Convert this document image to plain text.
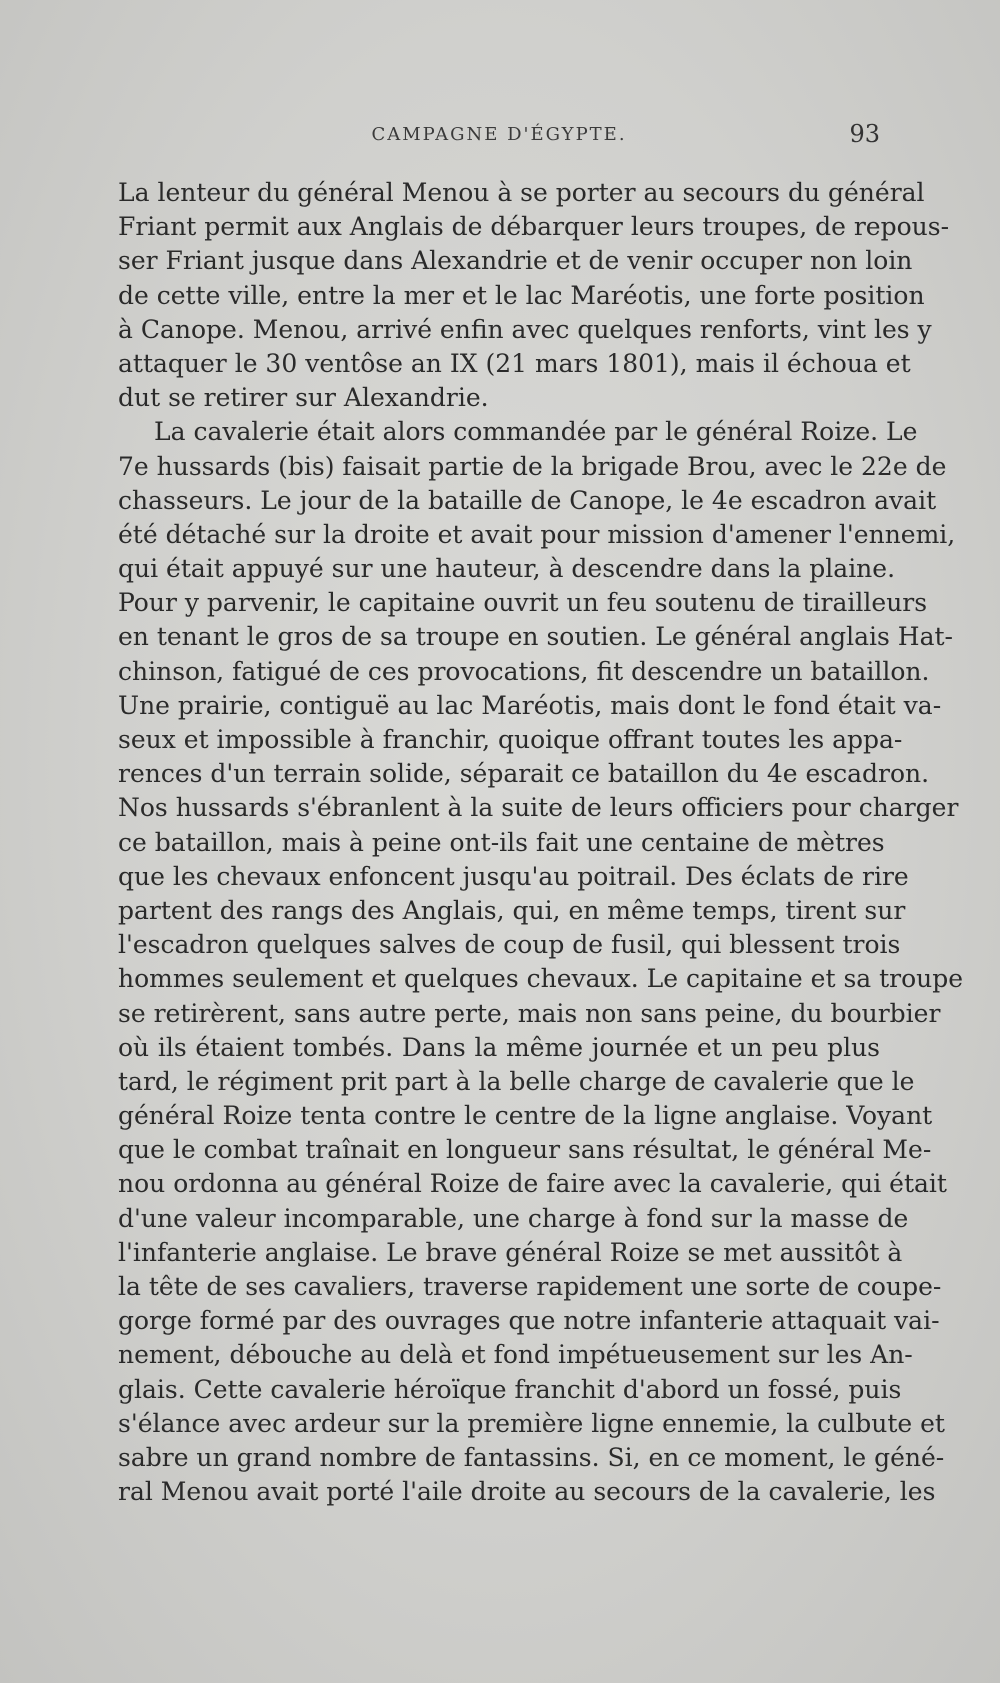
CAMPAGNE D'ÉGYPTE.	93
La lenteur du général Menou à se porter au secours du général
Friant permit aux Anglais de débarquer leurs troupes, de repous-
ser Friant jusque dans Alexandrie et de venir occuper non loin
de cette ville, entre la mer et le lac Maréotis, une forte position
à Canope. Menou, arrivé enfin avec quelques renforts, vint les y
attaquer le 30 ventôse an IX (21 mars 1801), mais il échoua et
dut se retirer sur Alexandrie.
La cavalerie était alors commandée par le général Roize. Le
7e hussards (bis) faisait partie de la brigade Brou, avec le 22e de
chasseurs. Le jour de la bataille de Canope, le 4e escadron avait
été détaché sur la droite et avait pour mission d'amener l'ennemi,
qui était appuyé sur une hauteur, à descendre dans la plaine.
Pour y parvenir, le capitaine ouvrit un feu soutenu de tirailleurs
en tenant le gros de sa troupe en soutien. Le général anglais Hat-
chinson, fatigué de ces provocations, fit descendre un bataillon.
Une prairie, contiguë au lac Maréotis, mais dont le fond était va-
seux et impossible à franchir, quoique offrant toutes les appa-
rences d'un terrain solide, séparait ce bataillon du 4e escadron.
Nos hussards s'ébranlent à la suite de leurs officiers pour charger
ce bataillon, mais à peine ont-ils fait une centaine de mètres
que les chevaux enfoncent jusqu'au poitrail. Des éclats de rire
partent des rangs des Anglais, qui, en même temps, tirent sur
l'escadron quelques salves de coup de fusil, qui blessent trois
hommes seulement et quelques chevaux. Le capitaine et sa troupe
se retirèrent, sans autre perte, mais non sans peine, du bourbier
où ils étaient tombés. Dans la même journée et un peu plus
tard, le régiment prit part à la belle charge de cavalerie que le
général Roize tenta contre le centre de la ligne anglaise. Voyant
que le combat traînait en longueur sans résultat, le général Me-
nou ordonna au général Roize de faire avec la cavalerie, qui était
d'une valeur incomparable, une charge à fond sur la masse de
l'infanterie anglaise. Le brave général Roize se met aussitôt à
la tête de ses cavaliers, traverse rapidement une sorte de coupe-
gorge formé par des ouvrages que notre infanterie attaquait vai-
nement, débouche au delà et fond impétueusement sur les An-
glais. Cette cavalerie héroïque franchit d'abord un fossé, puis
s'élance avec ardeur sur la première ligne ennemie, la culbute et
sabre un grand nombre de fantassins. Si, en ce moment, le géné-
ral Menou avait porté l'aile droite au secours de la cavalerie, les
